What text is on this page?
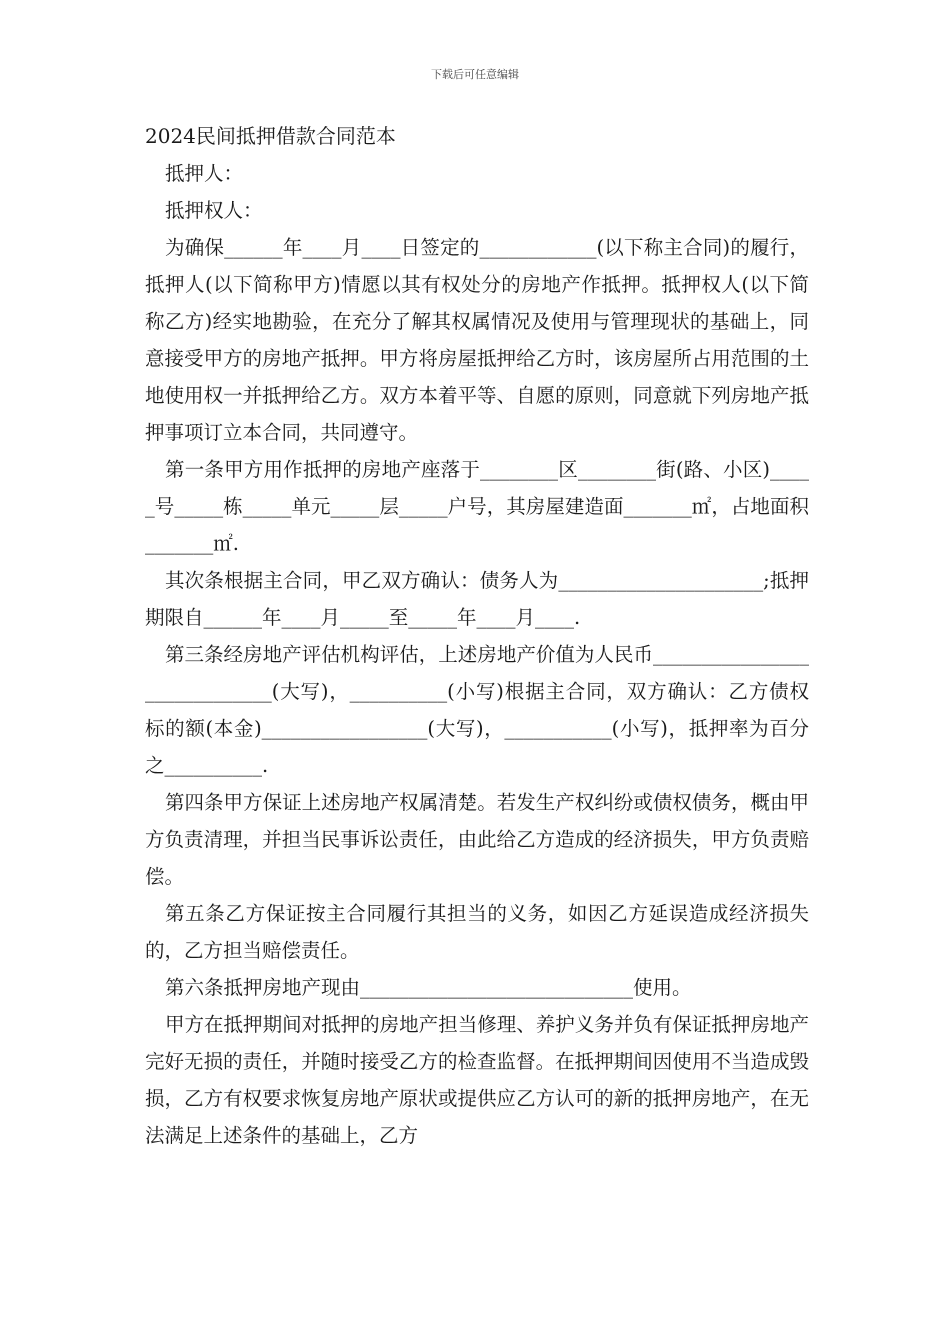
下载后可任意编辑
2024民间抵押借款合同范本

抵押人：

抵押权人：

为确保______年____月____日签定的____________(以下称主合同)的履行，抵押人(以下简称甲方)情愿以其有权处分的房地产作抵押。抵押权人(以下简称乙方)经实地勘验，在充分了解其权属情况及使用与管理现状的基础上，同意接受甲方的房地产抵押。甲方将房屋抵押给乙方时，该房屋所占用范围的土地使用权一并抵押给乙方。双方本着平等、自愿的原则，同意就下列房地产抵押事项订立本合同，共同遵守。

第一条甲方用作抵押的房地产座落于________区________街(路、小区)_____号_____栋_____单元_____层_____户号，其房屋建造面_______㎡，占地面积_______㎡.

其次条根据主合同，甲乙双方确认：债务人为_____________________;抵押期限自______年____月_____至_____年____月____.

第三条经房地产评估机构评估，上述房地产价值为人民币_____________________________(大写)，__________(小写)根据主合同，双方确认：乙方债权标的额(本金)_________________(大写)，___________(小写)，抵押率为百分之__________.

第四条甲方保证上述房地产权属清楚。若发生产权纠纷或债权债务，概由甲方负责清理，并担当民事诉讼责任，由此给乙方造成的经济损失，甲方负责赔偿。

第五条乙方保证按主合同履行其担当的义务，如因乙方延误造成经济损失的，乙方担当赔偿责任。

第六条抵押房地产现由____________________________使用。

甲方在抵押期间对抵押的房地产担当修理、养护义务并负有保证抵押房地产完好无损的责任，并随时接受乙方的检查监督。在抵押期间因使用不当造成毁损，乙方有权要求恢复房地产原状或提供应乙方认可的新的抵押房地产，在无法满足上述条件的基础上，乙方
